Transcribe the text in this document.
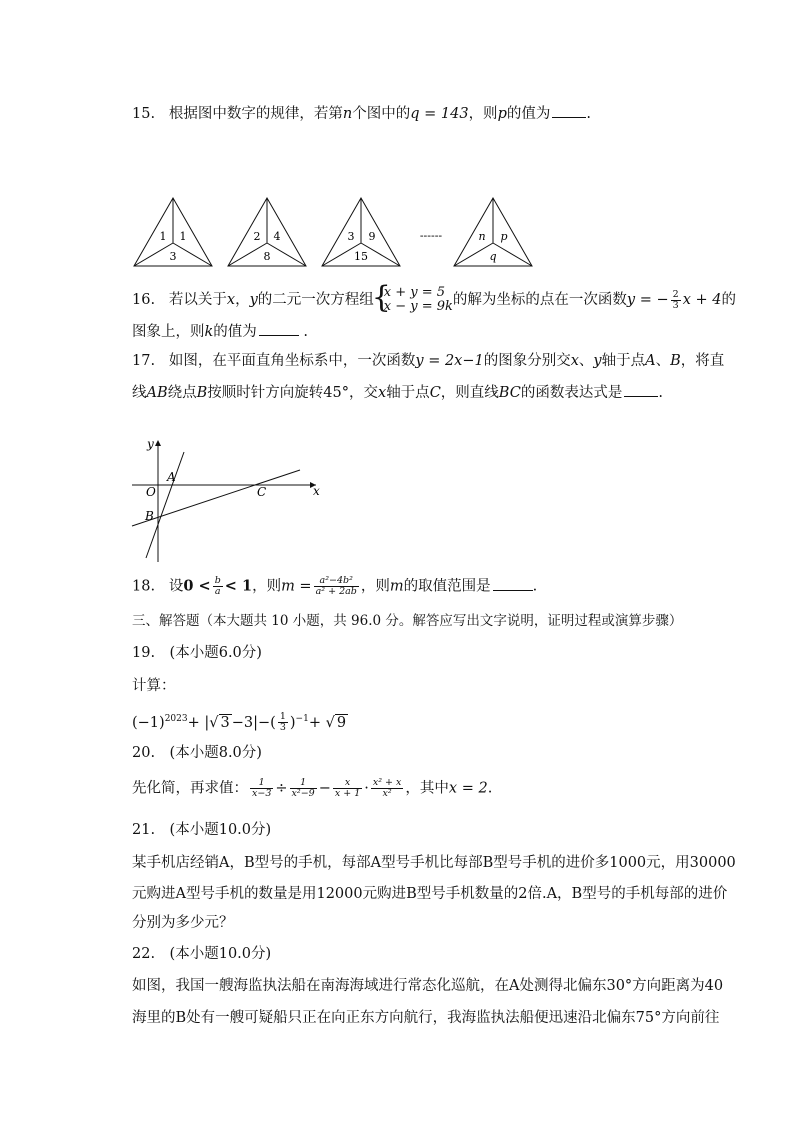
15. 根据图中数字的规律，若第n个图中的q = 143，则p的值为 .
1 1
3
2 4
8
3 9
15
------	n p
q
16. 若以关于x，y的二元一次方程组
{ x + y = 5
x − y = 9k 的解为坐标的点在一次函数y = − $\frac{2}{3}$ x + 4的
图象上，则k的值为	.
17. 如图，在平面直角坐标系中，一次函数y = 2x−1的图象分别交x、y轴于点A、B，将直
线AB绕点B按顺时针方向旋转45°，交x轴于点C，则直线BC的函数表达式是 .
y
x
O
A
B
C
18. 设$0 < \frac{b}{a} < 1$，则$m = \frac{\text{a²−4b²}}{\text{a² + 2ab}}$ ，则m的取值范围是	.
三、解答题（本大题共 10 小题，共 96.0 分。解答应写出文字说明，证明过程或演算步骤）
19.　(本小题6.0分)
计算：
$(-1)^{2023}+$ |√ $3 -3|-( \frac{1}{3} )^{-1}+$ √ 9
20.　(本小题8.0分)
先化简，再求值： $\frac{1}{x-3} \div \frac{1}{\text{x²−9}} - \frac{x}{x + 1} \cdot \frac{\text{x² + x}}{\text{x²}}$ ，其中x = 2.
21.　(本小题10.0分)
某手机店经销A，B型号的手机，每部A型号手机比每部B型号手机的进价多1000元，用30000
元购进A型号手机的数量是用12000元购进B型号手机数量的2倍.A，B型号的手机每部的进价
分别为多少元？
22.　(本小题10.0分)
如图，我国一艘海监执法船在南海海域进行常态化巡航，在A处测得北偏东30°方向距离为40
海里的B处有一艘可疑船只正在向正东方向航行，我海监执法船便迅速沿北偏东75°方向前往
